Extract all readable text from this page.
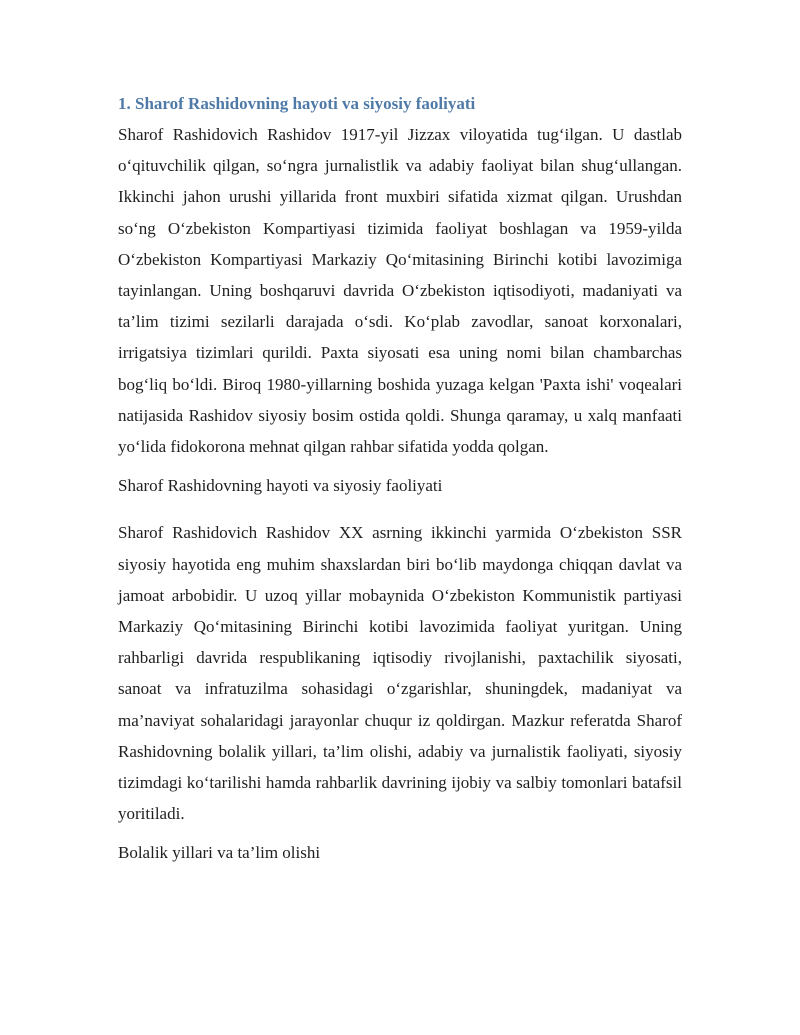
1. Sharof Rashidovning hayoti va siyosiy faoliyati

Sharof Rashidovich Rashidov 1917-yil Jizzax viloyatida tug‘ilgan. U dastlab o‘qituvchilik qilgan, so‘ngra jurnalistlik va adabiy faoliyat bilan shug‘ullangan. Ikkinchi jahon urushi yillarida front muxbiri sifatida xizmat qilgan. Urushdan so‘ng O‘zbekiston Kompartiyasi tizimida faoliyat boshlagan va 1959-yilda O‘zbekiston Kompartiyasi Markaziy Qo‘mitasining Birinchi kotibi lavozimiga tayinlangan. Uning boshqaruvi davrida O‘zbekiston iqtisodiyoti, madaniyati va ta’lim tizimi sezilarli darajada o‘sdi. Ko‘plab zavodlar, sanoat korxonalari, irrigatsiya tizimlari qurildi. Paxta siyosati esa uning nomi bilan chambarchas bog‘liq bo‘ldi. Biroq 1980-yillarning boshida yuzaga kelgan 'Paxta ishi' voqealari natijasida Rashidov siyosiy bosim ostida qoldi. Shunga qaramay, u xalq manfaati yo‘lida fidokorona mehnat qilgan rahbar sifatida yodda qolgan.

Sharof Rashidovning hayoti va siyosiy faoliyati

Sharof Rashidovich Rashidov XX asrning ikkinchi yarmida O‘zbekiston SSR siyosiy hayotida eng muhim shaxslardan biri bo‘lib maydonga chiqqan davlat va jamoat arbobidir. U uzoq yillar mobaynida O‘zbekiston Kommunistik partiyasi Markaziy Qo‘mitasining Birinchi kotibi lavozimida faoliyat yuritgan. Uning rahbarligi davrida respublikaning iqtisodiy rivojlanishi, paxtachilik siyosati, sanoat va infratuzilma sohasidagi o‘zgarishlar, shuningdek, madaniyat va ma’naviyat sohalaridagi jarayonlar chuqur iz qoldirgan. Mazkur referatda Sharof Rashidovning bolalik yillari, ta’lim olishi, adabiy va jurnalistik faoliyati, siyosiy tizimdagi ko‘tarilishi hamda rahbarlik davrining ijobiy va salbiy tomonlari batafsil yoritiladi.

Bolalik yillari va ta’lim olishi
